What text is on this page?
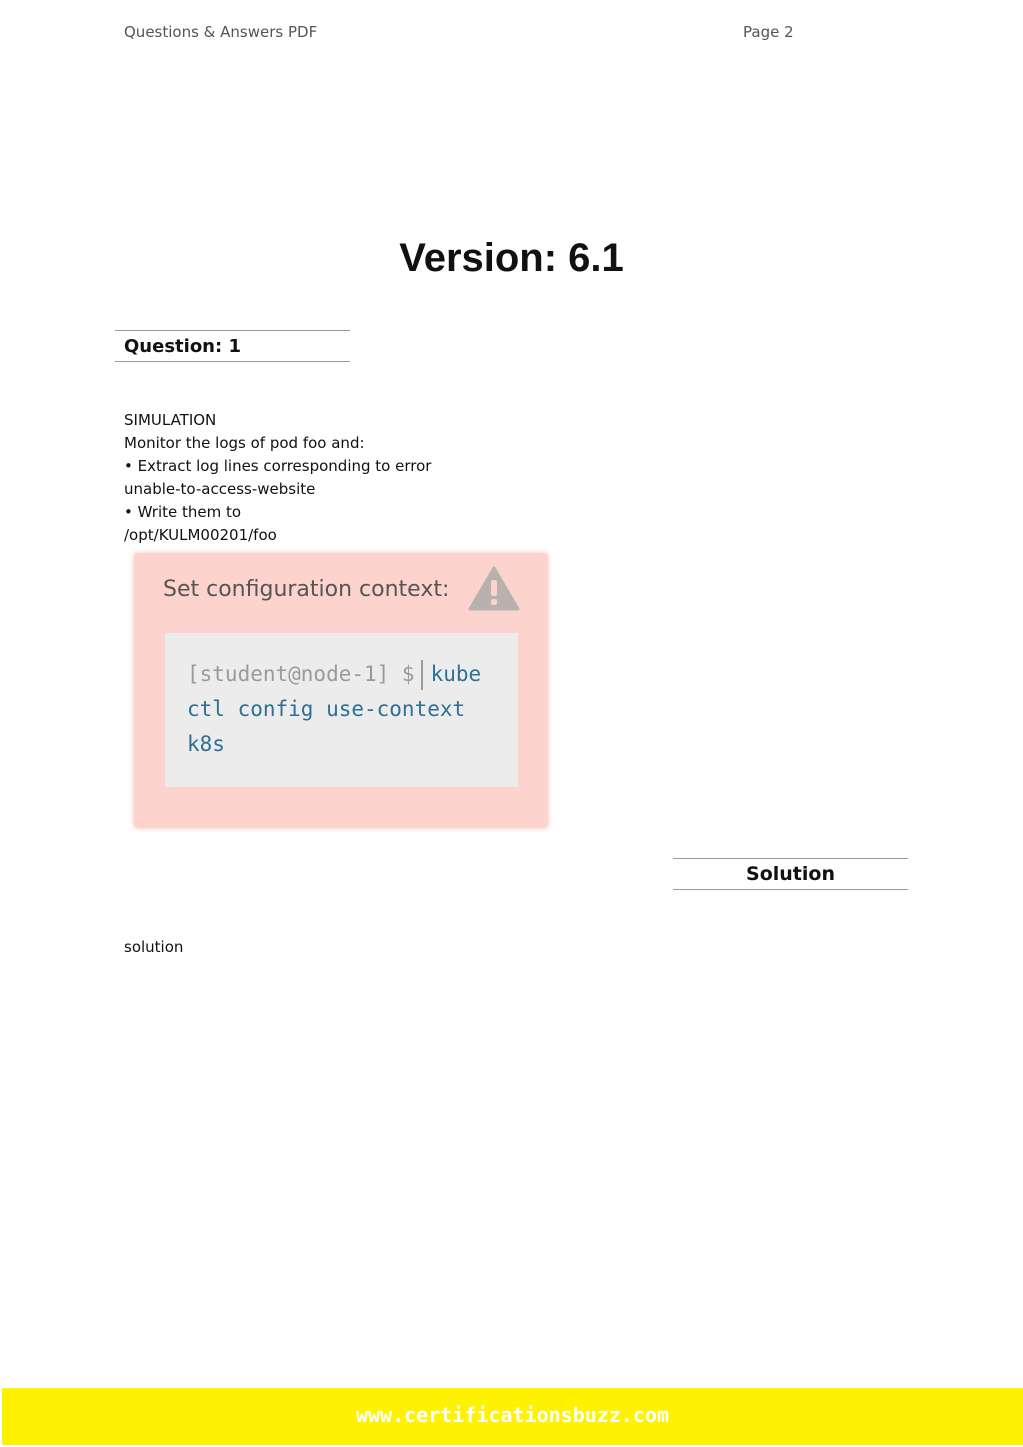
Questions & Answers PDF	Page 2
Version: 6.1
Question: 1
SIMULATION
Monitor the logs of pod foo and:
• Extract log lines corresponding to error
unable-to-access-website
• Write them to
/opt/KULM00201/foo
Set configuration context:
[student@node-1] $ kube
ctl config use-context
k8s
Solution
solution
www.certificationsbuzz.com
